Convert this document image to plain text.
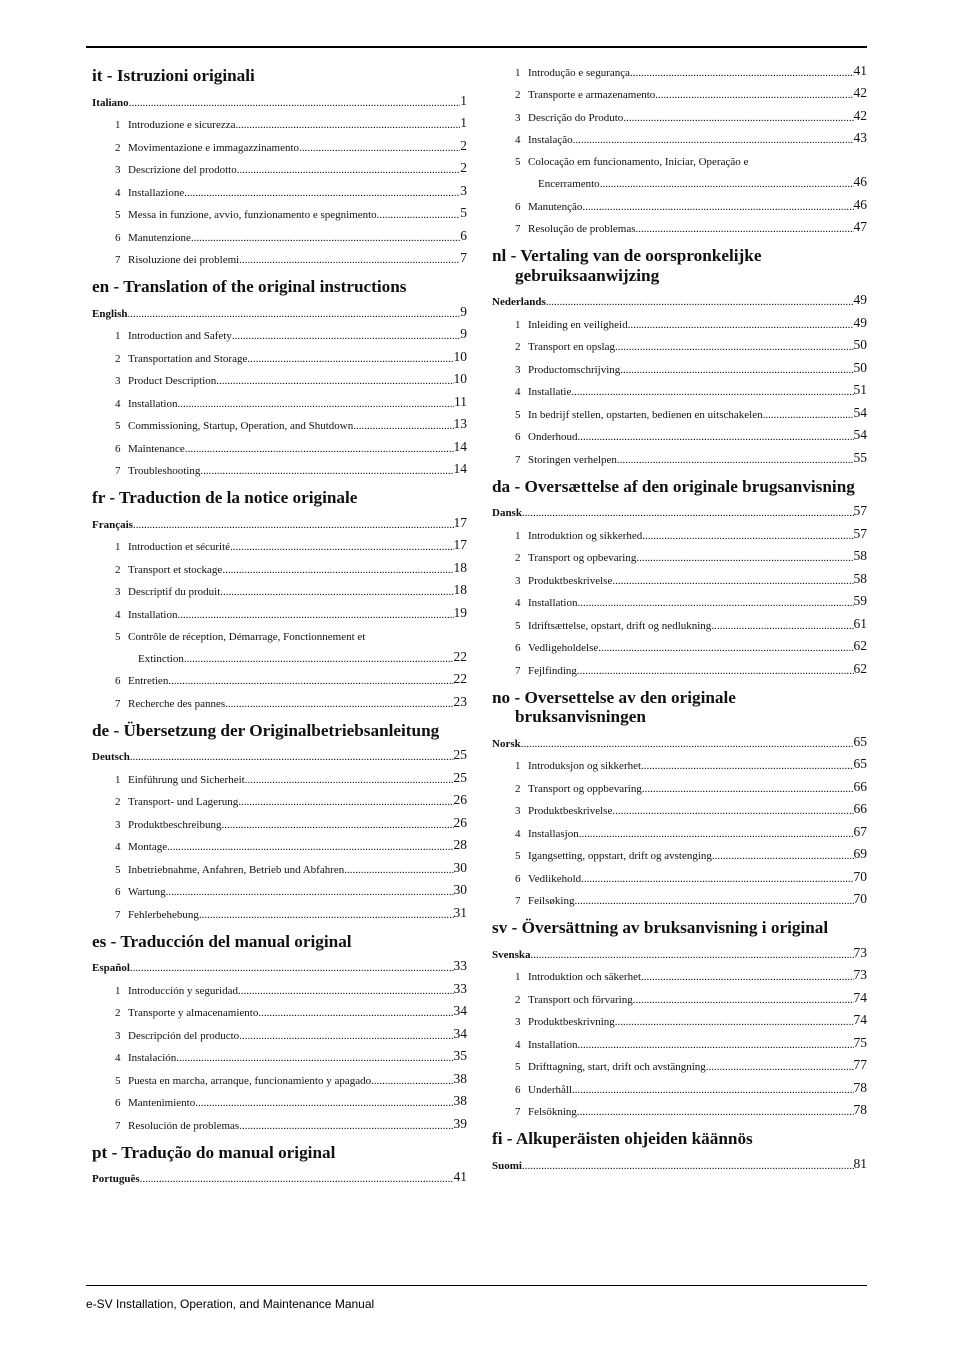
it - Istruzioni originali
Italiano .....	1
1 Introduzione e sicurezza .....	1
2 Movimentazione e immagazzinamento .....	2
3 Descrizione del prodotto .....	2
4 Installazione .....	3
5 Messa in funzione, avvio, funzionamento e spegnimento .....	5
6 Manutenzione .....	6
7 Risoluzione dei problemi .....	7
en - Translation of the original instructions
English .....	9
1 Introduction and Safety .....	9
2 Transportation and Storage .....	10
3 Product Description .....	10
4 Installation .....	11
5 Commissioning, Startup, Operation, and Shutdown .....	13
6 Maintenance .....	14
7 Troubleshooting .....	14
fr - Traduction de la notice originale
Français .....	17
1 Introduction et sécurité .....	17
2 Transport et stockage .....	18
3 Descriptif du produit .....	18
4 Installation .....	19
5 Contrôle de réception, Démarrage, Fonctionnement et
Extinction .....	22
6 Entretien .....	22
7 Recherche des pannes .....	23
de - Übersetzung der Originalbetriebsanleitung
Deutsch .....	25
1 Einführung und Sicherheit .....	25
2 Transport- und Lagerung .....	26
3 Produktbeschreibung .....	26
4 Montage .....	28
5 Inbetriebnahme, Anfahren, Betrieb und Abfahren .....	30
6 Wartung .....	30
7 Fehlerbehebung .....	31
es - Traducción del manual original
Español .....	33
1 Introducción y seguridad .....	33
2 Transporte y almacenamiento .....	34
3 Descripción del producto .....	34
4 Instalación .....	35
5 Puesta en marcha, arranque, funcionamiento y apagado .....	38
6 Mantenimiento .....	38
7 Resolución de problemas .....	39
pt - Tradução do manual original
Português .....	41
1 Introdução e segurança .....	41
2 Transporte e armazenamento .....	42
3 Descrição do Produto .....	42
4 Instalação .....	43
5 Colocação em funcionamento, Iniciar, Operação e
Encerramento .....	46
6 Manutenção .....	46
7 Resolução de problemas .....	47
nl - Vertaling van de oorspronkelijke gebruiksaanwijzing
Nederlands .....	49
1 Inleiding en veiligheid .....	49
2 Transport en opslag .....	50
3 Productomschrijving .....	50
4 Installatie .....	51
5 In bedrijf stellen, opstarten, bedienen en uitschakelen .....	54
6 Onderhoud .....	54
7 Storingen verhelpen .....	55
da - Oversættelse af den originale brugsanvisning
Dansk .....	57
1 Introduktion og sikkerhed .....	57
2 Transport og opbevaring .....	58
3 Produktbeskrivelse .....	58
4 Installation .....	59
5 Idriftsættelse, opstart, drift og nedlukning .....	61
6 Vedligeholdelse .....	62
7 Fejlfinding .....	62
no - Oversettelse av den originale bruksanvisningen
Norsk .....	65
1 Introduksjon og sikkerhet .....	65
2 Transport og oppbevaring .....	66
3 Produktbeskrivelse .....	66
4 Installasjon .....	67
5 Igangsetting, oppstart, drift og avstenging .....	69
6 Vedlikehold .....	70
7 Feilsøking .....	70
sv - Översättning av bruksanvisning i original
Svenska .....	73
1 Introduktion och säkerhet .....	73
2 Transport och förvaring .....	74
3 Produktbeskrivning .....	74
4 Installation .....	75
5 Drifttagning, start, drift och avstängning .....	77
6 Underhåll .....	78
7 Felsökning .....	78
fi - Alkuperäisten ohjeiden käännös
Suomi .....	81
e-SV Installation, Operation, and Maintenance Manual
